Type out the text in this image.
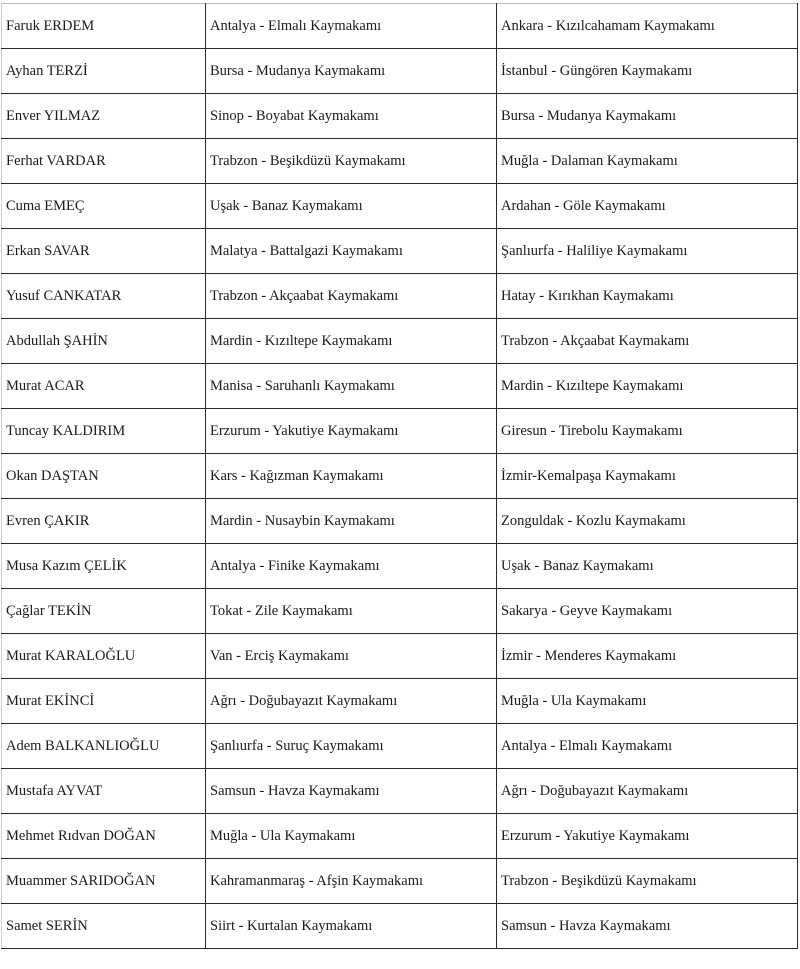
Faruk ERDEM	Antalya - Elmalı Kaymakamı	Ankara - Kızılcahamam Kaymakamı
Ayhan TERZİ	Bursa - Mudanya Kaymakamı	İstanbul - Güngören Kaymakamı
Enver YILMAZ	Sinop - Boyabat Kaymakamı	Bursa - Mudanya Kaymakamı
Ferhat VARDAR	Trabzon - Beşikdüzü Kaymakamı	Muğla - Dalaman Kaymakamı
Cuma EMEÇ	Uşak - Banaz Kaymakamı	Ardahan - Göle Kaymakamı
Erkan SAVAR	Malatya - Battalgazi Kaymakamı	Şanlıurfa - Haliliye Kaymakamı
Yusuf CANKATAR	Trabzon - Akçaabat Kaymakamı	Hatay - Kırıkhan Kaymakamı
Abdullah ŞAHİN	Mardin - Kızıltepe Kaymakamı	Trabzon - Akçaabat Kaymakamı
Murat ACAR	Manisa - Saruhanlı Kaymakamı	Mardin - Kızıltepe Kaymakamı
Tuncay KALDIRIM	Erzurum - Yakutiye Kaymakamı	Giresun - Tirebolu Kaymakamı
Okan DAŞTAN	Kars - Kağızman Kaymakamı	İzmir-Kemalpaşa Kaymakamı
Evren ÇAKIR	Mardin - Nusaybin Kaymakamı	Zonguldak - Kozlu Kaymakamı
Musa Kazım ÇELİK	Antalya - Finike Kaymakamı	Uşak - Banaz Kaymakamı
Çağlar TEKİN	Tokat - Zile Kaymakamı	Sakarya - Geyve Kaymakamı
Murat KARALOĞLU	Van - Erciş Kaymakamı	İzmir - Menderes Kaymakamı
Murat EKİNCİ	Ağrı - Doğubayazıt Kaymakamı	Muğla - Ula Kaymakamı
Adem BALKANLIOĞLU	Şanlıurfa - Suruç Kaymakamı	Antalya - Elmalı Kaymakamı
Mustafa AYVAT	Samsun - Havza Kaymakamı	Ağrı - Doğubayazıt Kaymakamı
Mehmet Rıdvan DOĞAN	Muğla - Ula Kaymakamı	Erzurum - Yakutiye Kaymakamı
Muammer SARIDOĞAN	Kahramanmaraş - Afşin Kaymakamı	Trabzon - Beşikdüzü Kaymakamı
Samet SERİN	Siirt - Kurtalan Kaymakamı	Samsun - Havza Kaymakamı
